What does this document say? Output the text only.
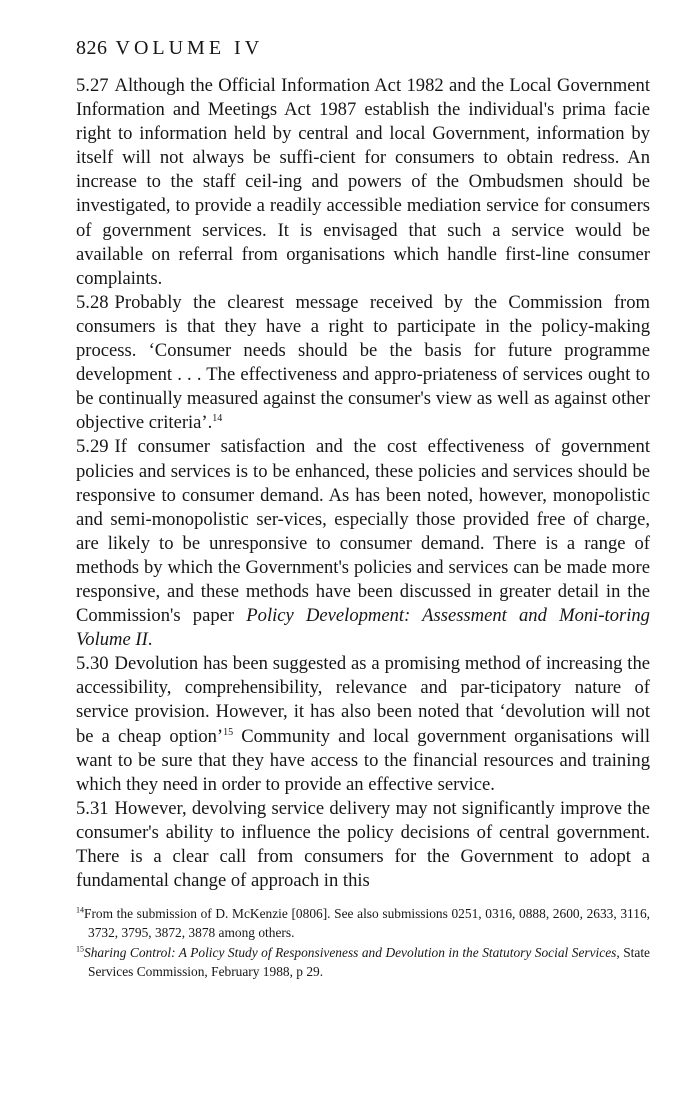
826 VOLUME IV

5.27 Although the Official Information Act 1982 and the Local Government Information and Meetings Act 1987 establish the individual's prima facie right to information held by central and local Government, information by itself will not always be suffi-cient for consumers to obtain redress. An increase to the staff ceil-ing and powers of the Ombudsmen should be investigated, to provide a readily accessible mediation service for consumers of government services. It is envisaged that such a service would be available on referral from organisations which handle first-line consumer complaints.

5.28 Probably the clearest message received by the Commission from consumers is that they have a right to participate in the policy-making process. ‘Consumer needs should be the basis for future programme development . . . The effectiveness and appro-priateness of services ought to be continually measured against the consumer's view as well as against other objective criteria’.$^{14}$

5.29 If consumer satisfaction and the cost effectiveness of government policies and services is to be enhanced, these policies and services should be responsive to consumer demand. As has been noted, however, monopolistic and semi-monopolistic ser-vices, especially those provided free of charge, are likely to be unresponsive to consumer demand. There is a range of methods by which the Government's policies and services can be made more responsive, and these methods have been discussed in greater detail in the Commission's paper Policy Development: Assessment and Moni-toring Volume II.

5.30 Devolution has been suggested as a promising method of increasing the accessibility, comprehensibility, relevance and par-ticipatory nature of service provision. However, it has also been noted that ‘devolution will not be a cheap option’$^{15}$ Community and local government organisations will want to be sure that they have access to the financial resources and training which they need in order to provide an effective service.

5.31 However, devolving service delivery may not significantly improve the consumer's ability to influence the policy decisions of central government. There is a clear call from consumers for the Government to adopt a fundamental change of approach in this

$^{14}$From the submission of D. McKenzie [0806]. See also submissions 0251, 0316, 0888, 2600, 2633, 3116, 3732, 3795, 3872, 3878 among others.

$^{15}$Sharing Control: A Policy Study of Responsiveness and Devolution in the Statutory Social Services, State Services Commission, February 1988, p 29.
